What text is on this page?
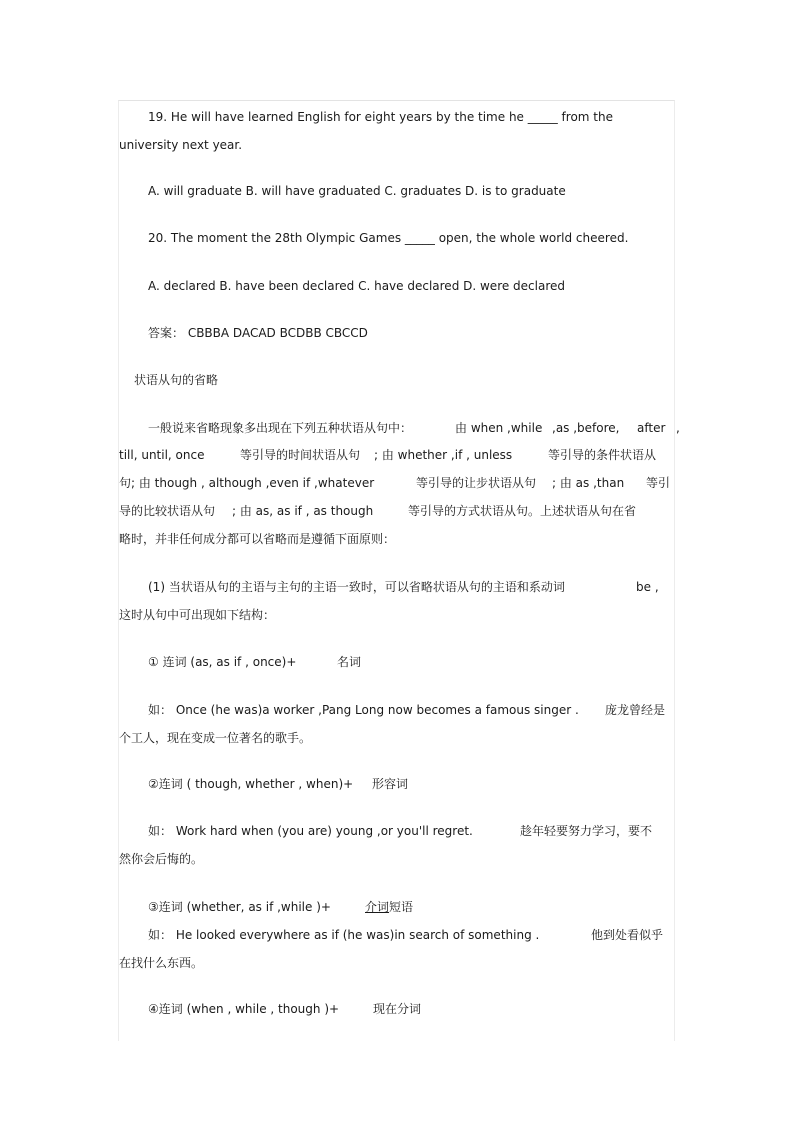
19. He will have learned English for eight years by the time he _____ from the
university next year.
A. will graduate B. will have graduated C. graduates D. is to graduate
20. The moment the 28th Olympic Games _____ open, the whole world cheered.
A. declared B. have been declared C. have declared D. were declared
答案： CBBBA DACAD BCDBB CBCCD
状语从句的省略
一般说来省略现象多出现在下列五种状语从句中：	由 when ,while ,as ,before, after ,
till, until, once	等引导的时间状语从句 ; 由 whether ,if , unless	等引导的条件状语从
句; 由 though , although ,even if ,whatever	等引导的让步状语从句 ; 由 as ,than 等引
导的比较状语从句 ; 由 as, as if , as though	等引导的方式状语从句。上述状语从句在省
略时，并非任何成分都可以省略而是遵循下面原则：
(1) 当状语从句的主语与主句的主语一致时，可以省略状语从句的主语和系动词	be ,
这时从句中可出现如下结构：
① 连词 (as, as if , once)+	名词
如： Once (he was)a worker ,Pang Long now becomes a famous singer . 庞龙曾经是
个工人，现在变成一位著名的歌手。
②连词 ( though, whether , when)+ 形容词
如： Work hard when (you are) young ,or you'll regret.	趁年轻要努力学习，要不
然你会后悔的。
③连词 (whether, as if ,while )+	介词短语
如： He looked everywhere as if (he was)in search of something .	他到处看似乎
在找什么东西。
④连词 (when , while , though )+	现在分词
